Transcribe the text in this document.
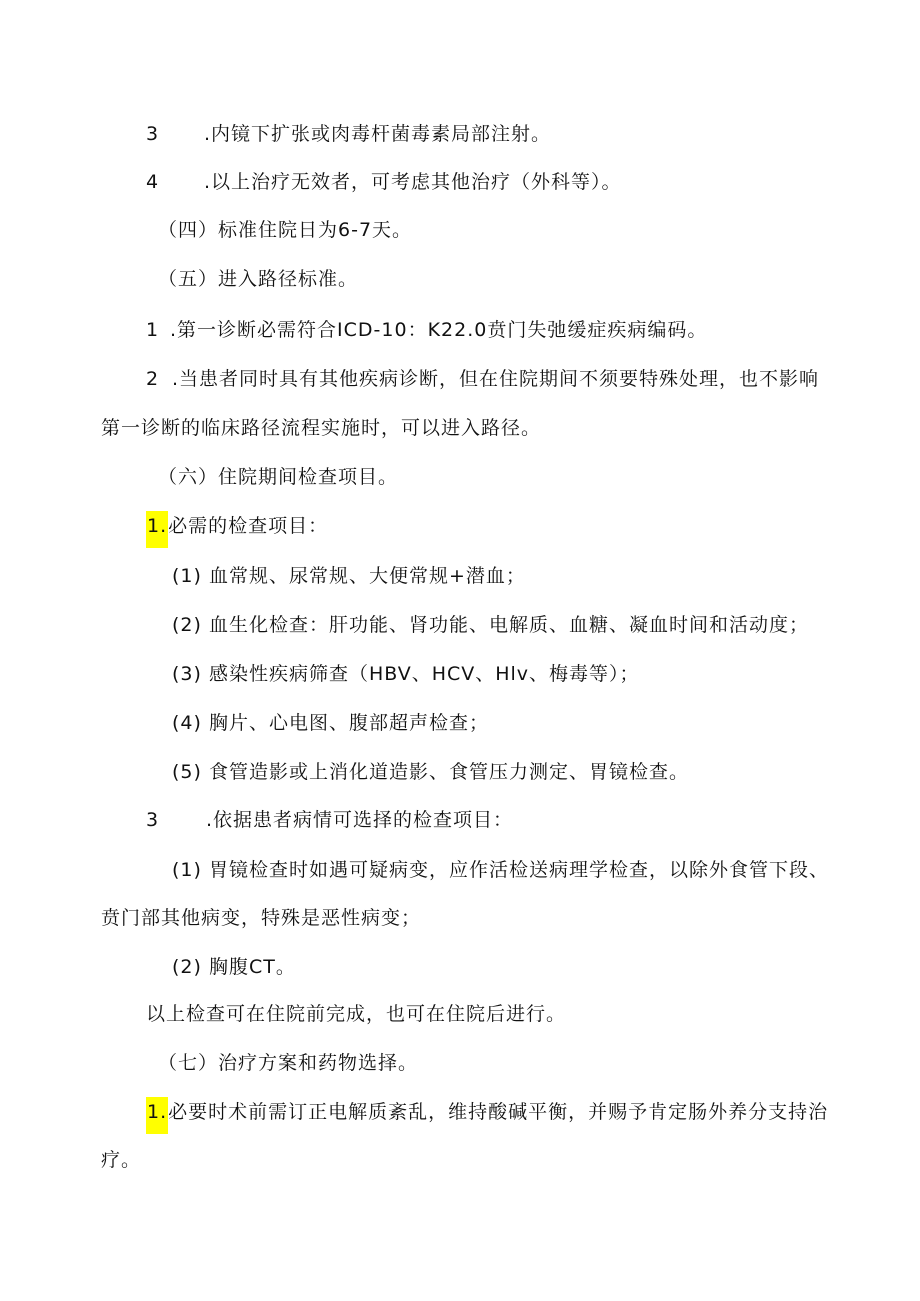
3 .内镜下扩张或肉毒杆菌毒素局部注射。
4 .以上治疗无效者，可考虑其他治疗（外科等）。
（四）标准住院日为6-7天。
（五）进入路径标准。
1 .第一诊断必需符合ICD-10：K22.0贲门失弛缓症疾病编码。
2 .当患者同时具有其他疾病诊断，但在住院期间不须要特殊处理，也不影响
第一诊断的临床路径流程实施时，可以进入路径。
（六）住院期间检查项目。
1.必需的检查项目：
(1) 血常规、尿常规、大便常规+潜血；
(2) 血生化检查：肝功能、肾功能、电解质、血糖、凝血时间和活动度；
(3) 感染性疾病筛查（HBV、HCV、Hlv、梅毒等）；
(4) 胸片、心电图、腹部超声检查；
(5) 食管造影或上消化道造影、食管压力测定、胃镜检查。
3 .依据患者病情可选择的检查项目：
(1) 胃镜检查时如遇可疑病变，应作活检送病理学检查，以除外食管下段、
贲门部其他病变，特殊是恶性病变；
(2) 胸腹CT。
以上检查可在住院前完成，也可在住院后进行。
（七）治疗方案和药物选择。
1.必要时术前需订正电解质紊乱，维持酸碱平衡，并赐予肯定肠外养分支持治
疗。
